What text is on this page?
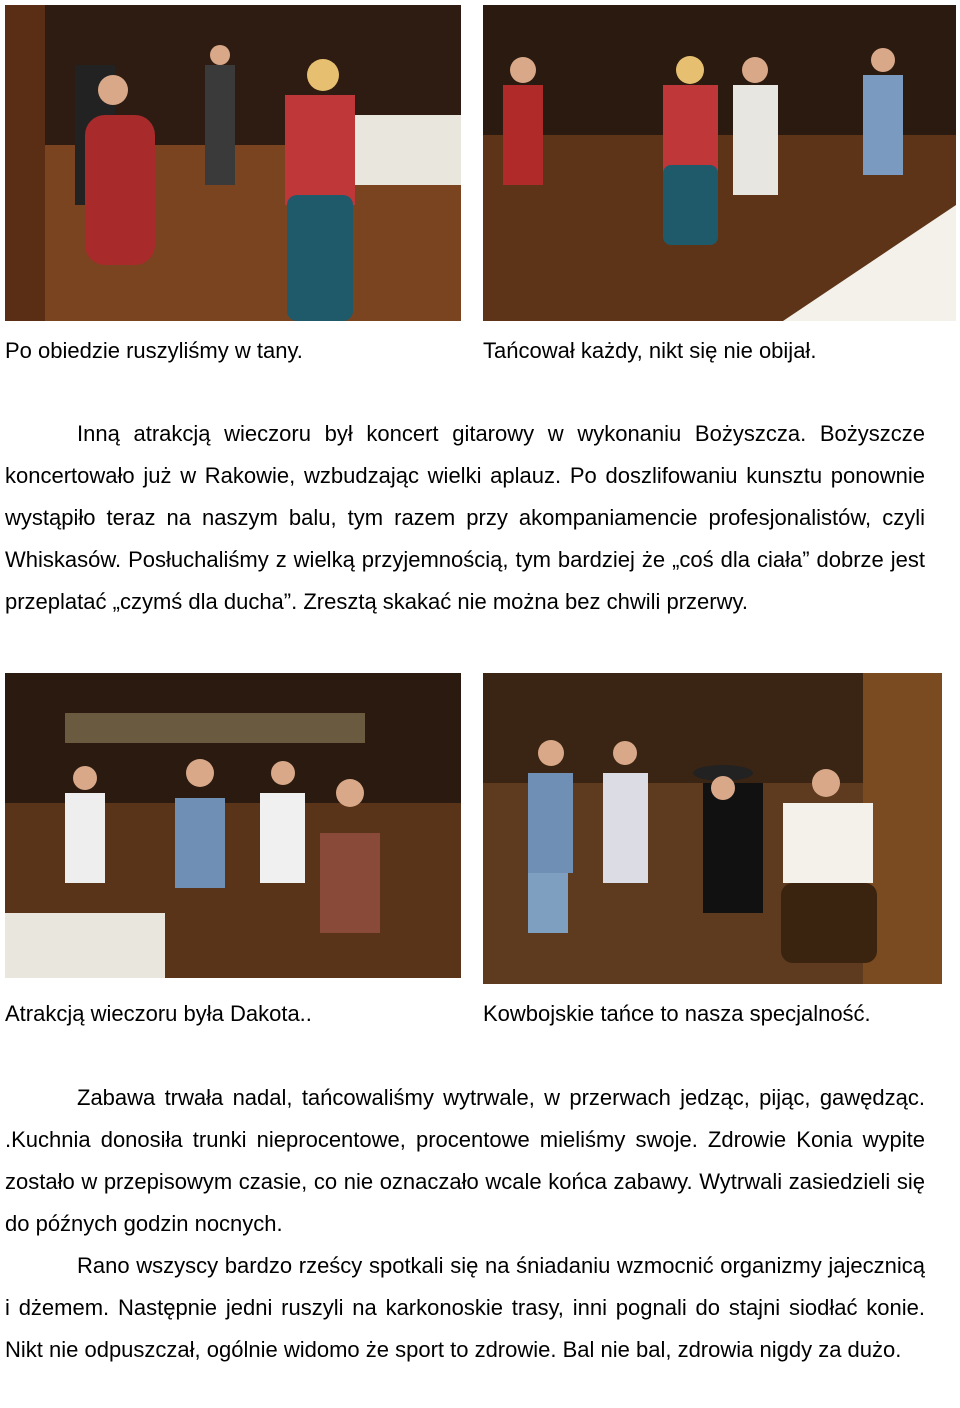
Po obiedzie ruszyliśmy w tany.	Tańcował każdy, nikt się nie obijał.

Inną atrakcją wieczoru był koncert gitarowy w wykonaniu Bożyszcza. Bożyszcze koncertowało już w Rakowie, wzbudzając wielki aplauz. Po doszlifowaniu kunsztu ponownie wystąpiło teraz na naszym balu, tym razem przy akompaniamencie profesjonalistów, czyli Whiskasów. Posłuchaliśmy z wielką przyjemnością, tym bardziej że „coś dla ciała” dobrze jest przeplatać „czymś dla ducha”. Zresztą skakać nie można bez chwili przerwy.

Atrakcją wieczoru była Dakota..	Kowbojskie tańce to nasza specjalność.

Zabawa trwała nadal, tańcowaliśmy wytrwale, w przerwach jedząc, pijąc, gawędząc. .Kuchnia donosiła trunki nieprocentowe, procentowe mieliśmy swoje. Zdrowie Konia wypite zostało w przepisowym czasie, co nie oznaczało wcale końca zabawy. Wytrwali zasiedzieli się do późnych godzin nocnych.

Rano wszyscy bardzo rześcy spotkali się na śniadaniu wzmocnić organizmy jajecznicą i dżemem. Następnie jedni ruszyli na karkonoskie trasy, inni pognali do stajni siodłać konie. Nikt nie odpuszczał, ogólnie widomo że sport to zdrowie. Bal nie bal, zdrowia nigdy za dużo.
